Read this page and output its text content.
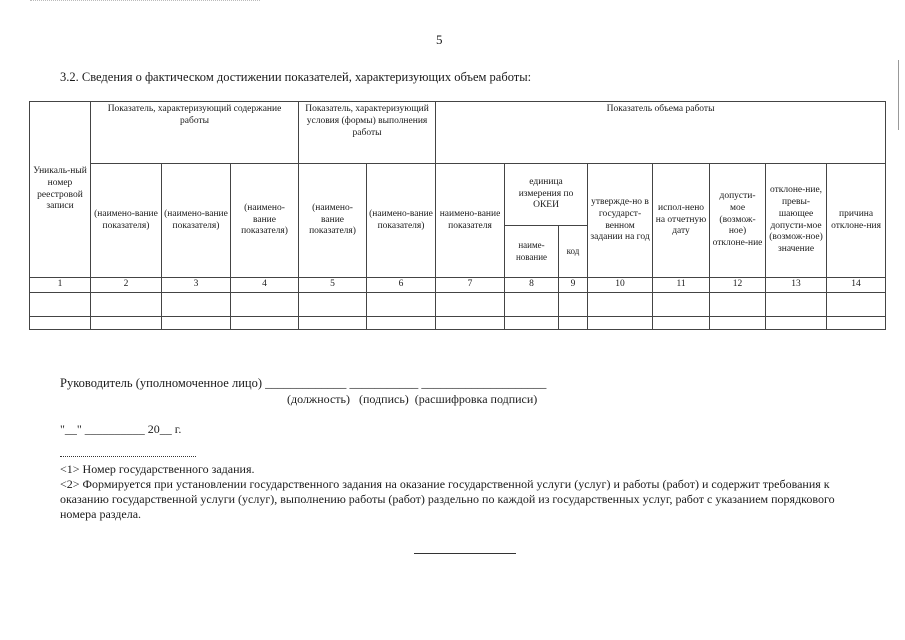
5
3.2. Сведения о фактическом достижении показателей, характеризующих объем работы:
Уникаль-ный номер реестровой записи	Показатель, характеризующий содержание работы			Показатель, характеризующий условия (формы) выполнения работы		Показатель объема работы							
	(наимено-вание показателя)	(наимено-вание показателя)	(наимено-вание показателя)	(наимено-вание показателя)	(наимено-вание показателя)	наимено-вание показателя	единица измерения по ОКЕИ		утвержде-но в государст-венном задании на год	испол-нено на отчетную дату	допусти-мое (возмож-ное) отклоне-ние	отклоне-ние, превы-шающее допусти-мое (возмож-ное) значение	причина отклоне-ния
							наиме-нование	код					
1	2	3	4	5	6	7	8	9	10	11	12	13	14

Руководитель (уполномоченное лицо) _____________ ___________ ____________________
(должность)   (подпись)  (расшифровка подписи)
"__" __________ 20__ г.
<1> Номер государственного задания.
<2> Формируется при установлении государственного задания на оказание государственной услуги (услуг) и работы (работ) и содержит требования к оказанию государственной услуги (услуг), выполнению работы (работ) раздельно по каждой из государственных услуг, работ с указанием порядкового номера раздела.
